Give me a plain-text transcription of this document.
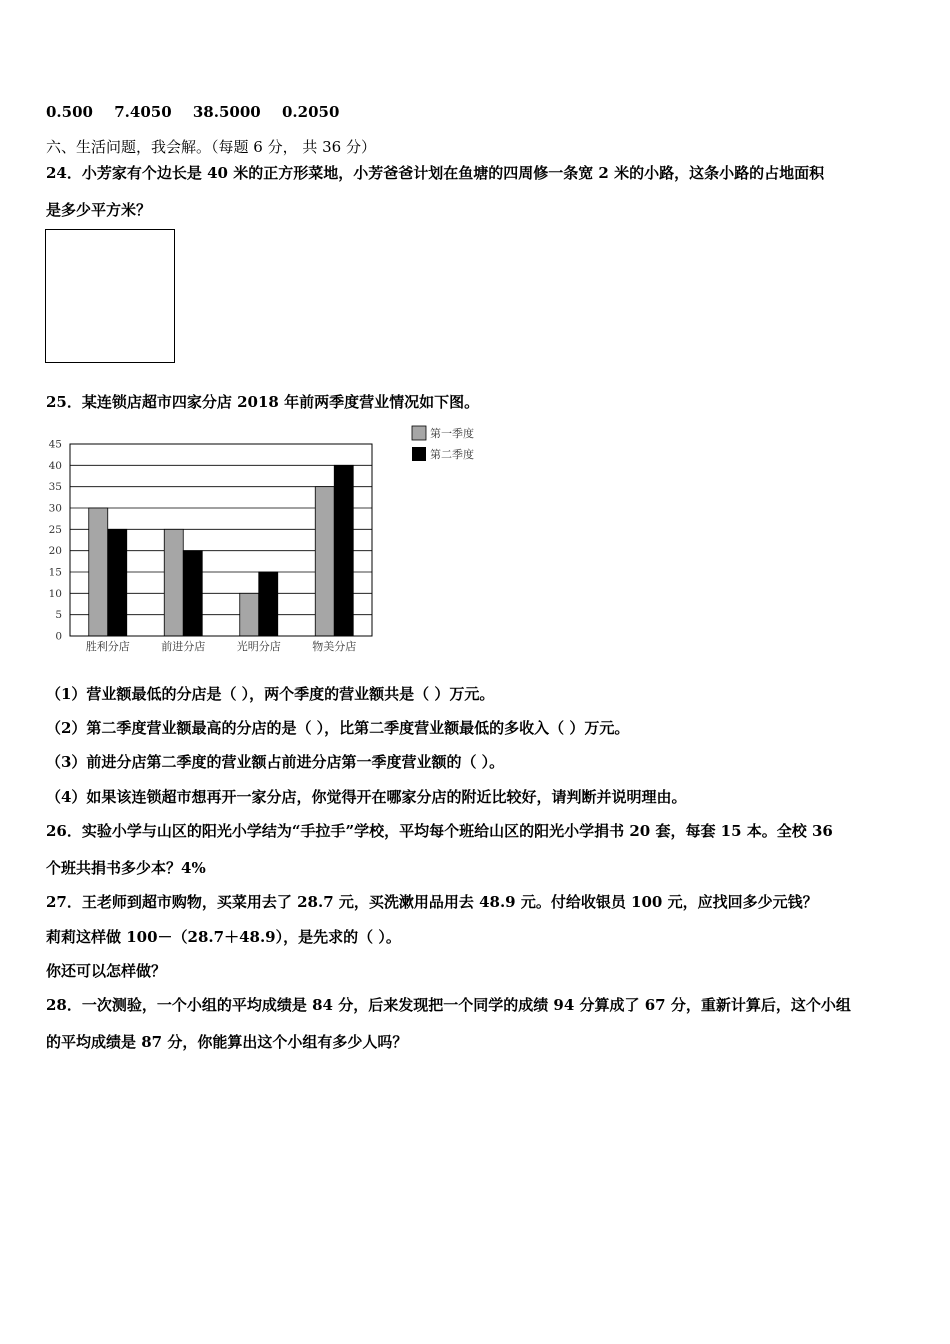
0.500 7.4050 38.5000 0.2050
六、生活问题，我会解。（每题 6 分， 共 36 分）
24．小芳家有个边长是 40 米的正方形菜地，小芳爸爸计划在鱼塘的四周修一条宽 2 米的小路，这条小路的占地面积
是多少平方米？
25．某连锁店超市四家分店 2018 年前两季度营业情况如下图。
0
5
10
15
20
25
30
35
40
45
胜利分店	前进分店	光明分店	物美分店
第一季度
第二季度
（1）营业额最低的分店是（ ），两个季度的营业额共是（ ）万元。
（2）第二季度营业额最高的分店的是（ ），比第二季度营业额最低的多收入（ ）万元。
（3）前进分店第二季度的营业额占前进分店第一季度营业额的（ ）。
（4）如果该连锁超市想再开一家分店，你觉得开在哪家分店的附近比较好，请判断并说明理由。
26．实验小学与山区的阳光小学结为“手拉手”学校，平均每个班给山区的阳光小学捐书 20 套，每套 15 本。全校 36
个班共捐书多少本？4%
27．王老师到超市购物，买菜用去了 28.7 元，买洗漱用品用去 48.9 元。付给收银员 100 元，应找回多少元钱？
莉莉这样做 100－（28.7＋48.9），是先求的（ ）。
你还可以怎样做？
28．一次测验，一个小组的平均成绩是 84 分，后来发现把一个同学的成绩 94 分算成了 67 分，重新计算后，这个小组
的平均成绩是 87 分，你能算出这个小组有多少人吗？
